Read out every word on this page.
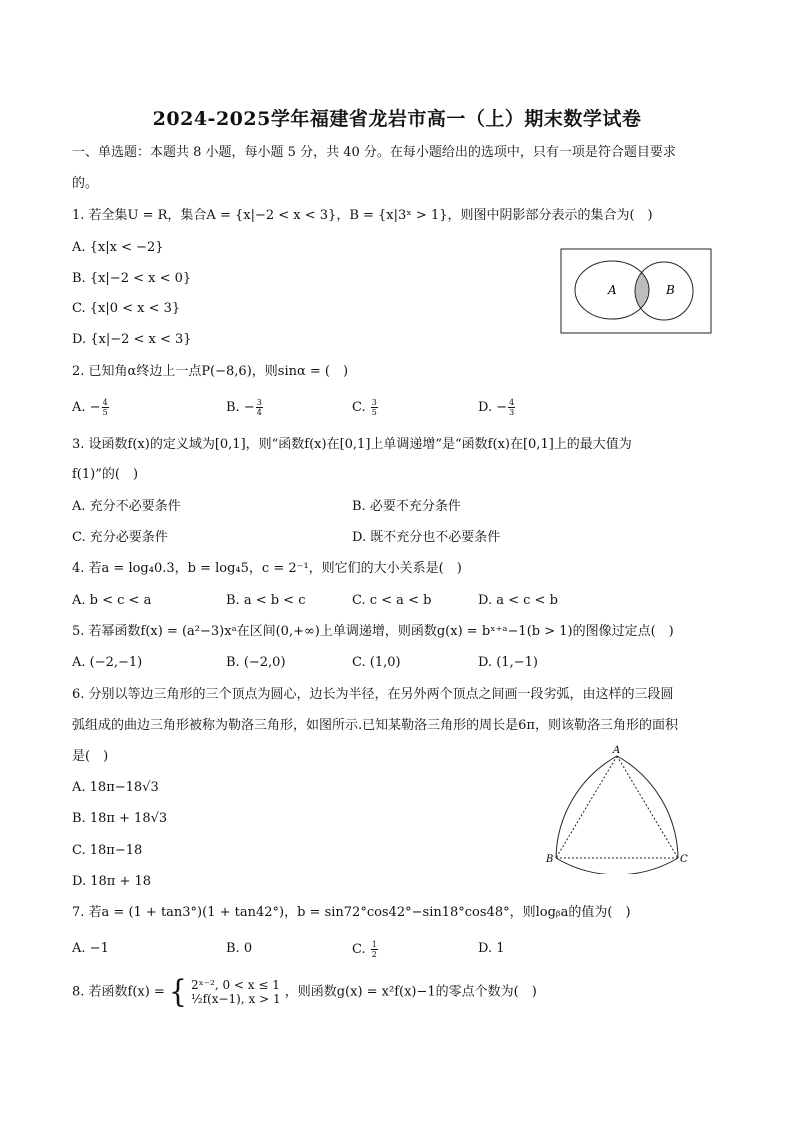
2024-2025学年福建省龙岩市高一（上）期末数学试卷
一、单选题：本题共 8 小题，每小题 5 分，共 40 分。在每小题给出的选项中，只有一项是符合题目要求
的。
1. 若全集U = R，集合A = {x|−2 < x < 3}，B = {x|3ˣ > 1}，则图中阴影部分表示的集合为(　)
A. {x|x < −2}
B. {x|−2 < x < 0}
C. {x|0 < x < 3}
D. {x|−2 < x < 3}
A	B
2. 已知角α终边上一点P(−8,6)，则sinα = (　)
A. − $\frac{4}{5}$	B. − $\frac{3}{4}$	C. $\frac{3}{5}$	D. − $\frac{4}{3}$
3. 设函数f(x)的定义域为[0,1]，则“函数f(x)在[0,1]上单调递增”是“函数f(x)在[0,1]上的最大值为
f(1)”的(　)
A. 充分不必要条件	B. 必要不充分条件
C. 充分必要条件	D. 既不充分也不必要条件
4. 若a = log₄0.3，b = log₄5，c = 2⁻¹，则它们的大小关系是(　)
A. b < c < a	B. a < b < c	C. c < a < b	D. a < c < b
5. 若幂函数f(x) = (a²−3)xᵃ在区间(0,+∞)上单调递增，则函数g(x) = bˣ⁺ᵃ−1(b > 1)的图像过定点(　)
A. (−2,−1)	B. (−2,0)	C. (1,0)	D. (1,−1)
6. 分别以等边三角形的三个顶点为圆心，边长为半径，在另外两个顶点之间画一段劣弧，由这样的三段圆
弧组成的曲边三角形被称为勒洛三角形，如图所示.已知某勒洛三角形的周长是6π，则该勒洛三角形的面积
是(　)
A. 18π−18√3
B. 18π + 18√3
C. 18π−18
D. 18π + 18
A
B	C
7. 若a = (1 + tan3°)(1 + tan42°)，b = sin72°cos42°−sin18°cos48°，则logᵦa的值为(　)
A. −1	B. 0	C. $\frac{1}{2}$	D. 1
8. 若函数f(x) = { 2ˣ⁻², 0 < x ≤ 1
½f(x−1), x > 1 ，则函数g(x) = x²f(x)−1的零点个数为(　)
